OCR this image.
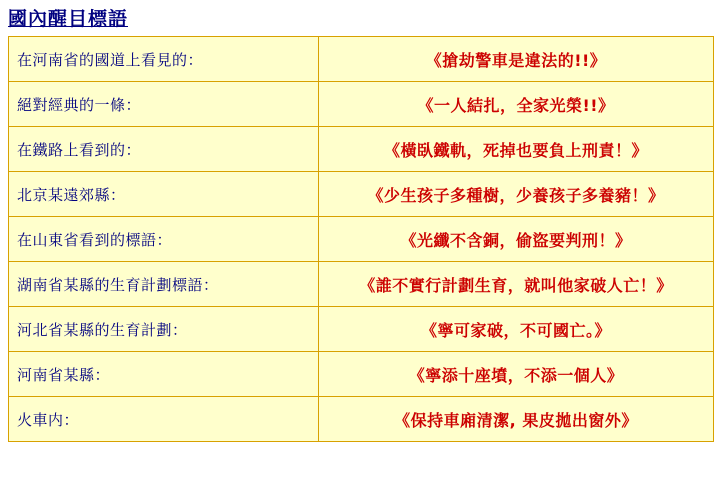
國內醒目標語
在河南省的國道上看見的：	《搶劫警車是違法的!!》
絕對經典的一條：	《一人結扎，全家光榮!!》
在鐵路上看到的：	《橫臥鐵軌，死掉也要負上刑責！》
北京某遠郊縣：	《少生孩子多種樹，少養孩子多養豬！》
在山東省看到的標語：	《光纖不含銅，偷盜要判刑！》
湖南省某縣的生育計劃標語：	《誰不實行計劃生育，就叫他家破人亡！》
河北省某縣的生育計劃：	《寧可家破，不可國亡。》
河南省某縣：	《寧添十座墳，不添一個人》
火車内：	《保持車廂清潔, 果皮拋出窗外》
